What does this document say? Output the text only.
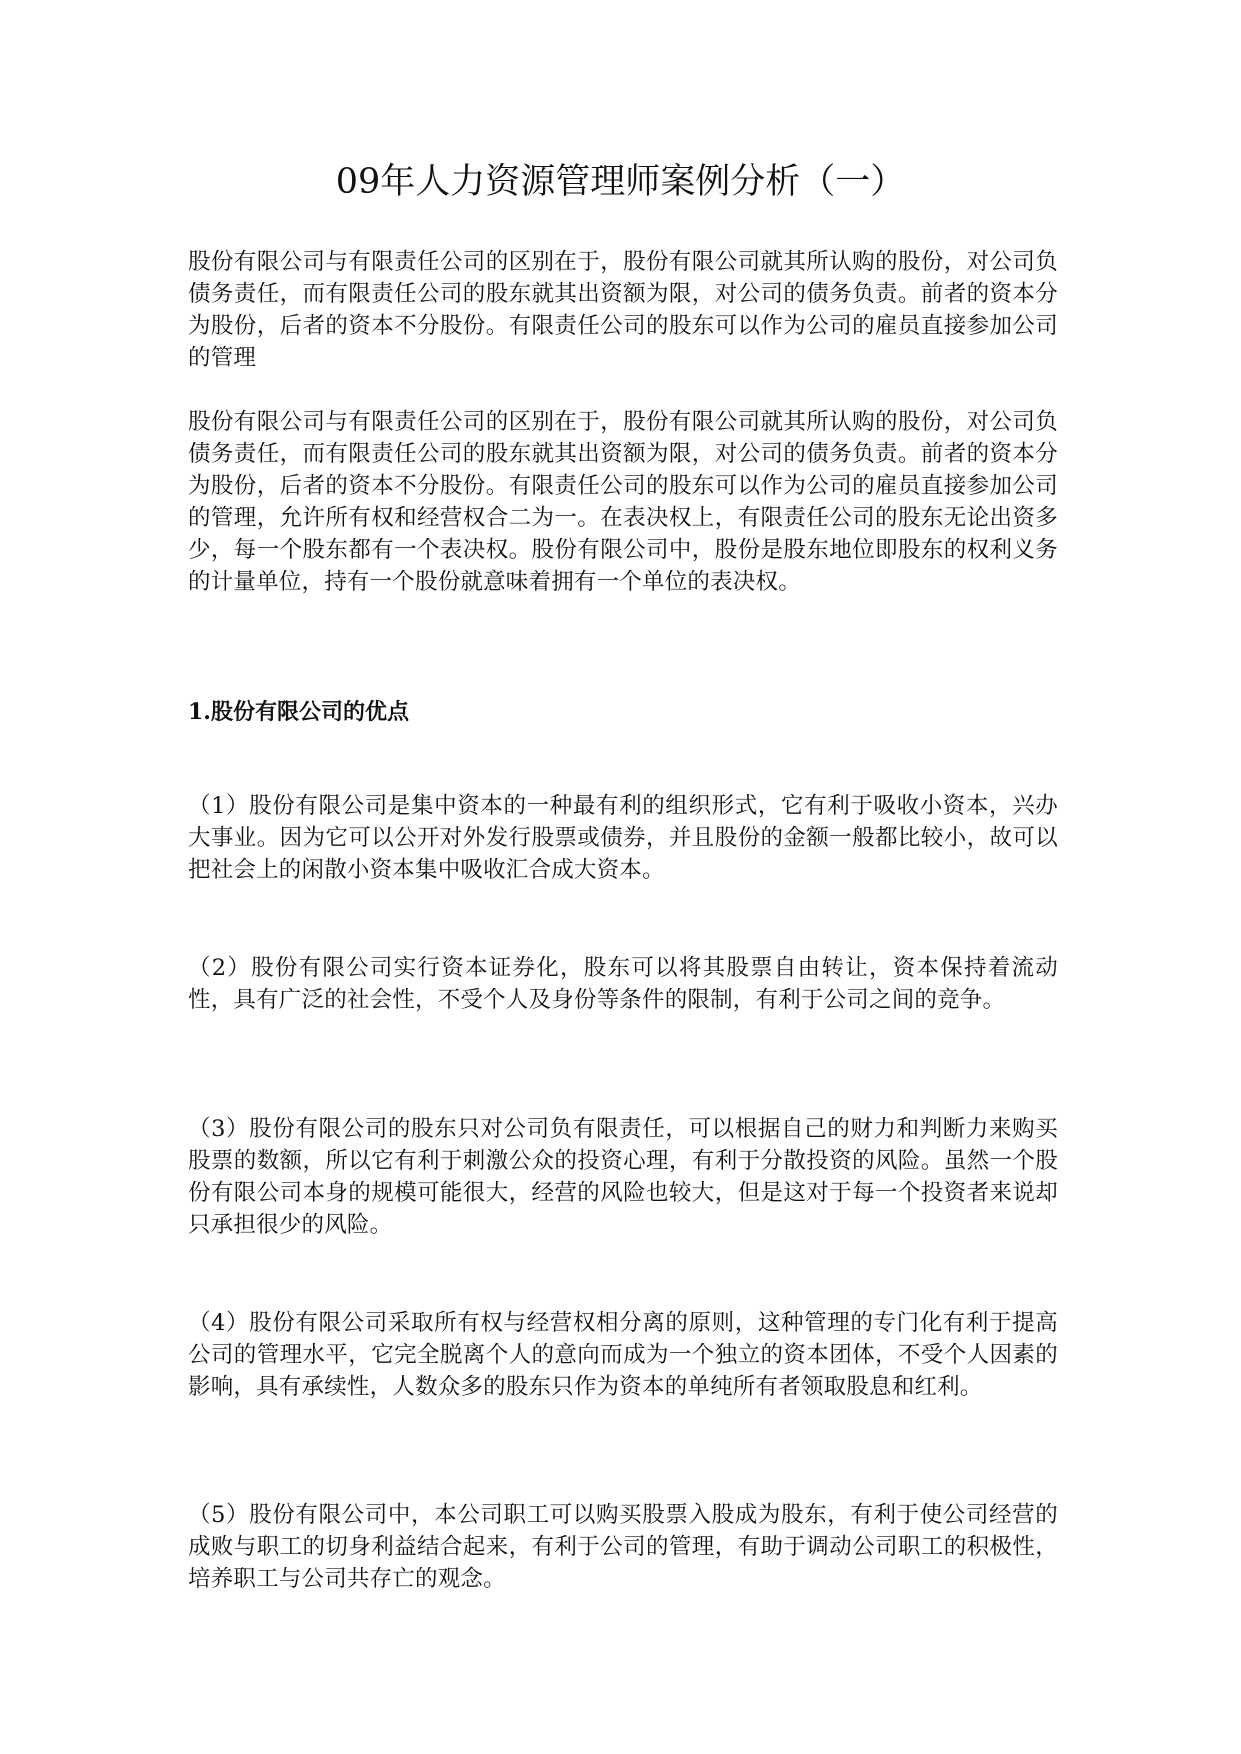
09年人力资源管理师案例分析（一）

股份有限公司与有限责任公司的区别在于，股份有限公司就其所认购的股份，对公司负债务责任，而有限责任公司的股东就其出资额为限，对公司的债务负责。前者的资本分为股份，后者的资本不分股份。有限责任公司的股东可以作为公司的雇员直接参加公司的管理

股份有限公司与有限责任公司的区别在于，股份有限公司就其所认购的股份，对公司负债务责任，而有限责任公司的股东就其出资额为限，对公司的债务负责。前者的资本分为股份，后者的资本不分股份。有限责任公司的股东可以作为公司的雇员直接参加公司的管理，允许所有权和经营权合二为一。在表决权上，有限责任公司的股东无论出资多少，每一个股东都有一个表决权。股份有限公司中，股份是股东地位即股东的权利义务的计量单位，持有一个股份就意味着拥有一个单位的表决权。

1.股份有限公司的优点

（1）股份有限公司是集中资本的一种最有利的组织形式，它有利于吸收小资本，兴办大事业。因为它可以公开对外发行股票或债券，并且股份的金额一般都比较小，故可以把社会上的闲散小资本集中吸收汇合成大资本。

（2）股份有限公司实行资本证券化，股东可以将其股票自由转让，资本保持着流动性，具有广泛的社会性，不受个人及身份等条件的限制，有利于公司之间的竞争。

（3）股份有限公司的股东只对公司负有限责任，可以根据自己的财力和判断力来购买股票的数额，所以它有利于刺激公众的投资心理，有利于分散投资的风险。虽然一个股份有限公司本身的规模可能很大，经营的风险也较大，但是这对于每一个投资者来说却只承担很少的风险。

（4）股份有限公司采取所有权与经营权相分离的原则，这种管理的专门化有利于提高公司的管理水平，它完全脱离个人的意向而成为一个独立的资本团体，不受个人因素的影响，具有承续性，人数众多的股东只作为资本的单纯所有者领取股息和红利。

（5）股份有限公司中，本公司职工可以购买股票入股成为股东，有利于使公司经营的成败与职工的切身利益结合起来，有利于公司的管理，有助于调动公司职工的积极性，培养职工与公司共存亡的观念。
